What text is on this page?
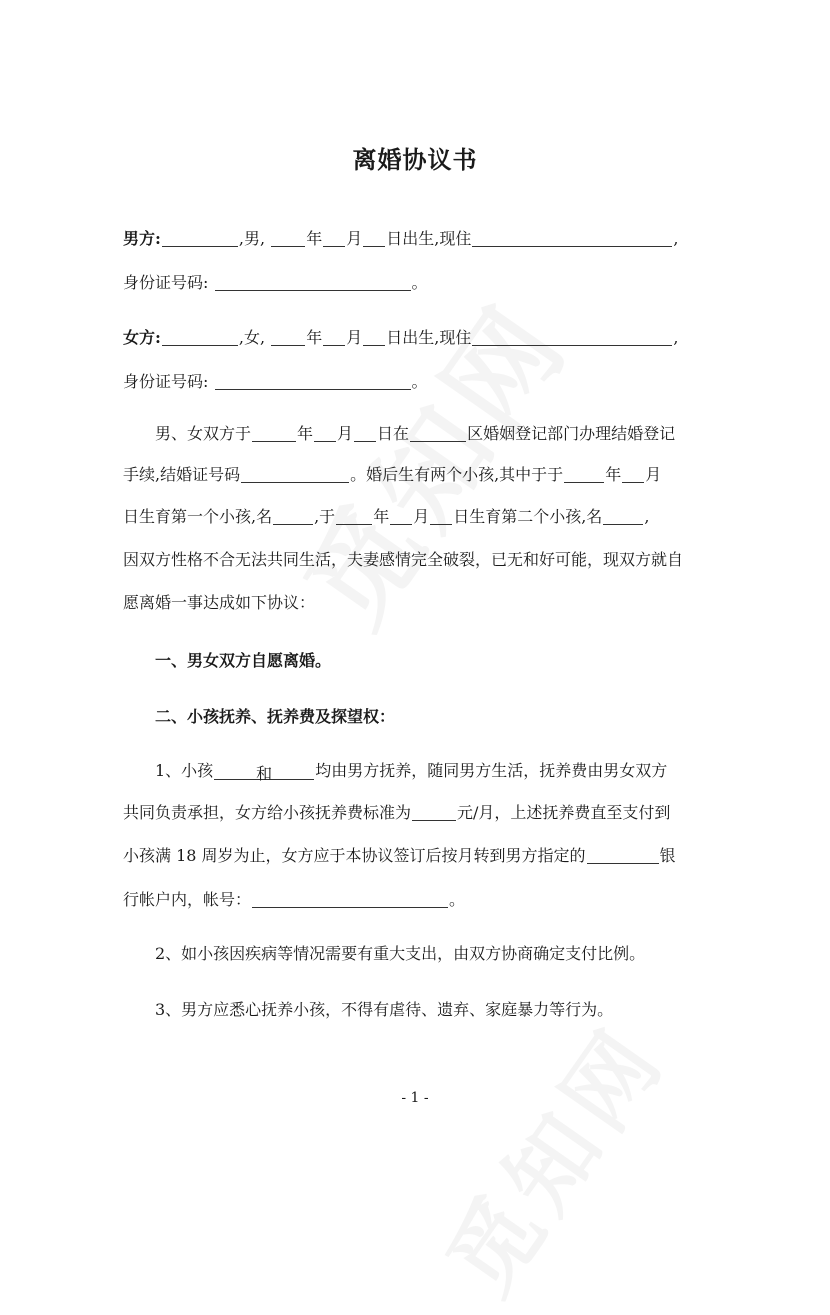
离婚协议书
男方:	,男,	年 月 日出生,现住	,
身份证号码:	。
女方:	,女,	年 月 日出生,现住	,
身份证号码:	。
男、女双方于	年 月 日在	区婚姻登记部门办理结婚登记
手续,结婚证号码	。婚后生有两个小孩,其中于于	年 月
日生育第一个小孩,名	,于 年 月 日生育第二个小孩,名	,
因双方性格不合无法共同生活，夫妻感情完全破裂，已无和好可能，现双方就自
愿离婚一事达成如下协议：
一、男女双方自愿离婚。
二、小孩抚养、抚养费及探望权：
1、小孩	和	均由男方抚养，随同男方生活，抚养费由男女双方
共同负责承担，女方给小孩抚养费标准为	元/月，上述抚养费直至支付到
小孩满 18 周岁为止，女方应于本协议签订后按月转到男方指定的	银
行帐户内，帐号：	。
2、如小孩因疾病等情况需要有重大支出，由双方协商确定支付比例。
3、男方应悉心抚养小孩，不得有虐待、遗弃、家庭暴力等行为。
- 1 -
